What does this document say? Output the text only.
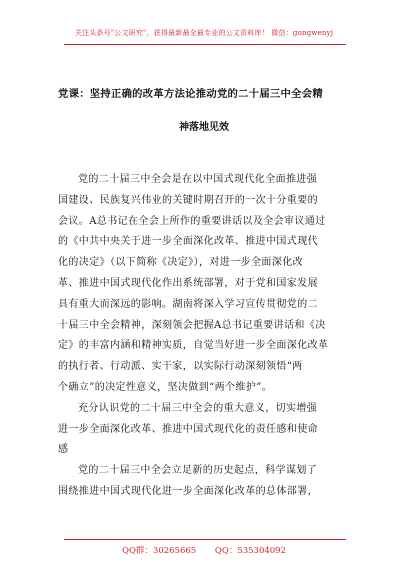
关注头条号"公文研究"，获得最新最全最专业的公文资料库！ 微信：gongwenyj
党课：坚持正确的改革方法论推动党的二十届三中全会精
神落地见效

党的二十届三中全会是在以中国式现代化全面推进强
国建设、民族复兴伟业的关键时期召开的一次十分重要的
会议。A总书记在全会上所作的重要讲话以及全会审议通过
的《中共中央关于进一步全面深化改革、推进中国式现代
化的决定》（以下简称《决定》），对进一步全面深化改
革、推进中国式现代化作出系统部署，对于党和国家发展
具有重大而深远的影响。湖南将深入学习宣传贯彻党的二
十届三中全会精神，深刻领会把握A总书记重要讲话和《决
定》的丰富内涵和精神实质，自觉当好进一步全面深化改革
的执行者、行动派、实干家，以实际行动深刻领悟“两
个确立”的决定性意义，坚决做到“两个维护”。

充分认识党的二十届三中全会的重大意义，切实增强
进一步全面深化改革、推进中国式现代化的责任感和使命
感

党的二十届三中全会立足新的历史起点，科学谋划了
围绕推进中国式现代化进一步全面深化改革的总体部署，

QQ群：30265665 QQ：535304092
